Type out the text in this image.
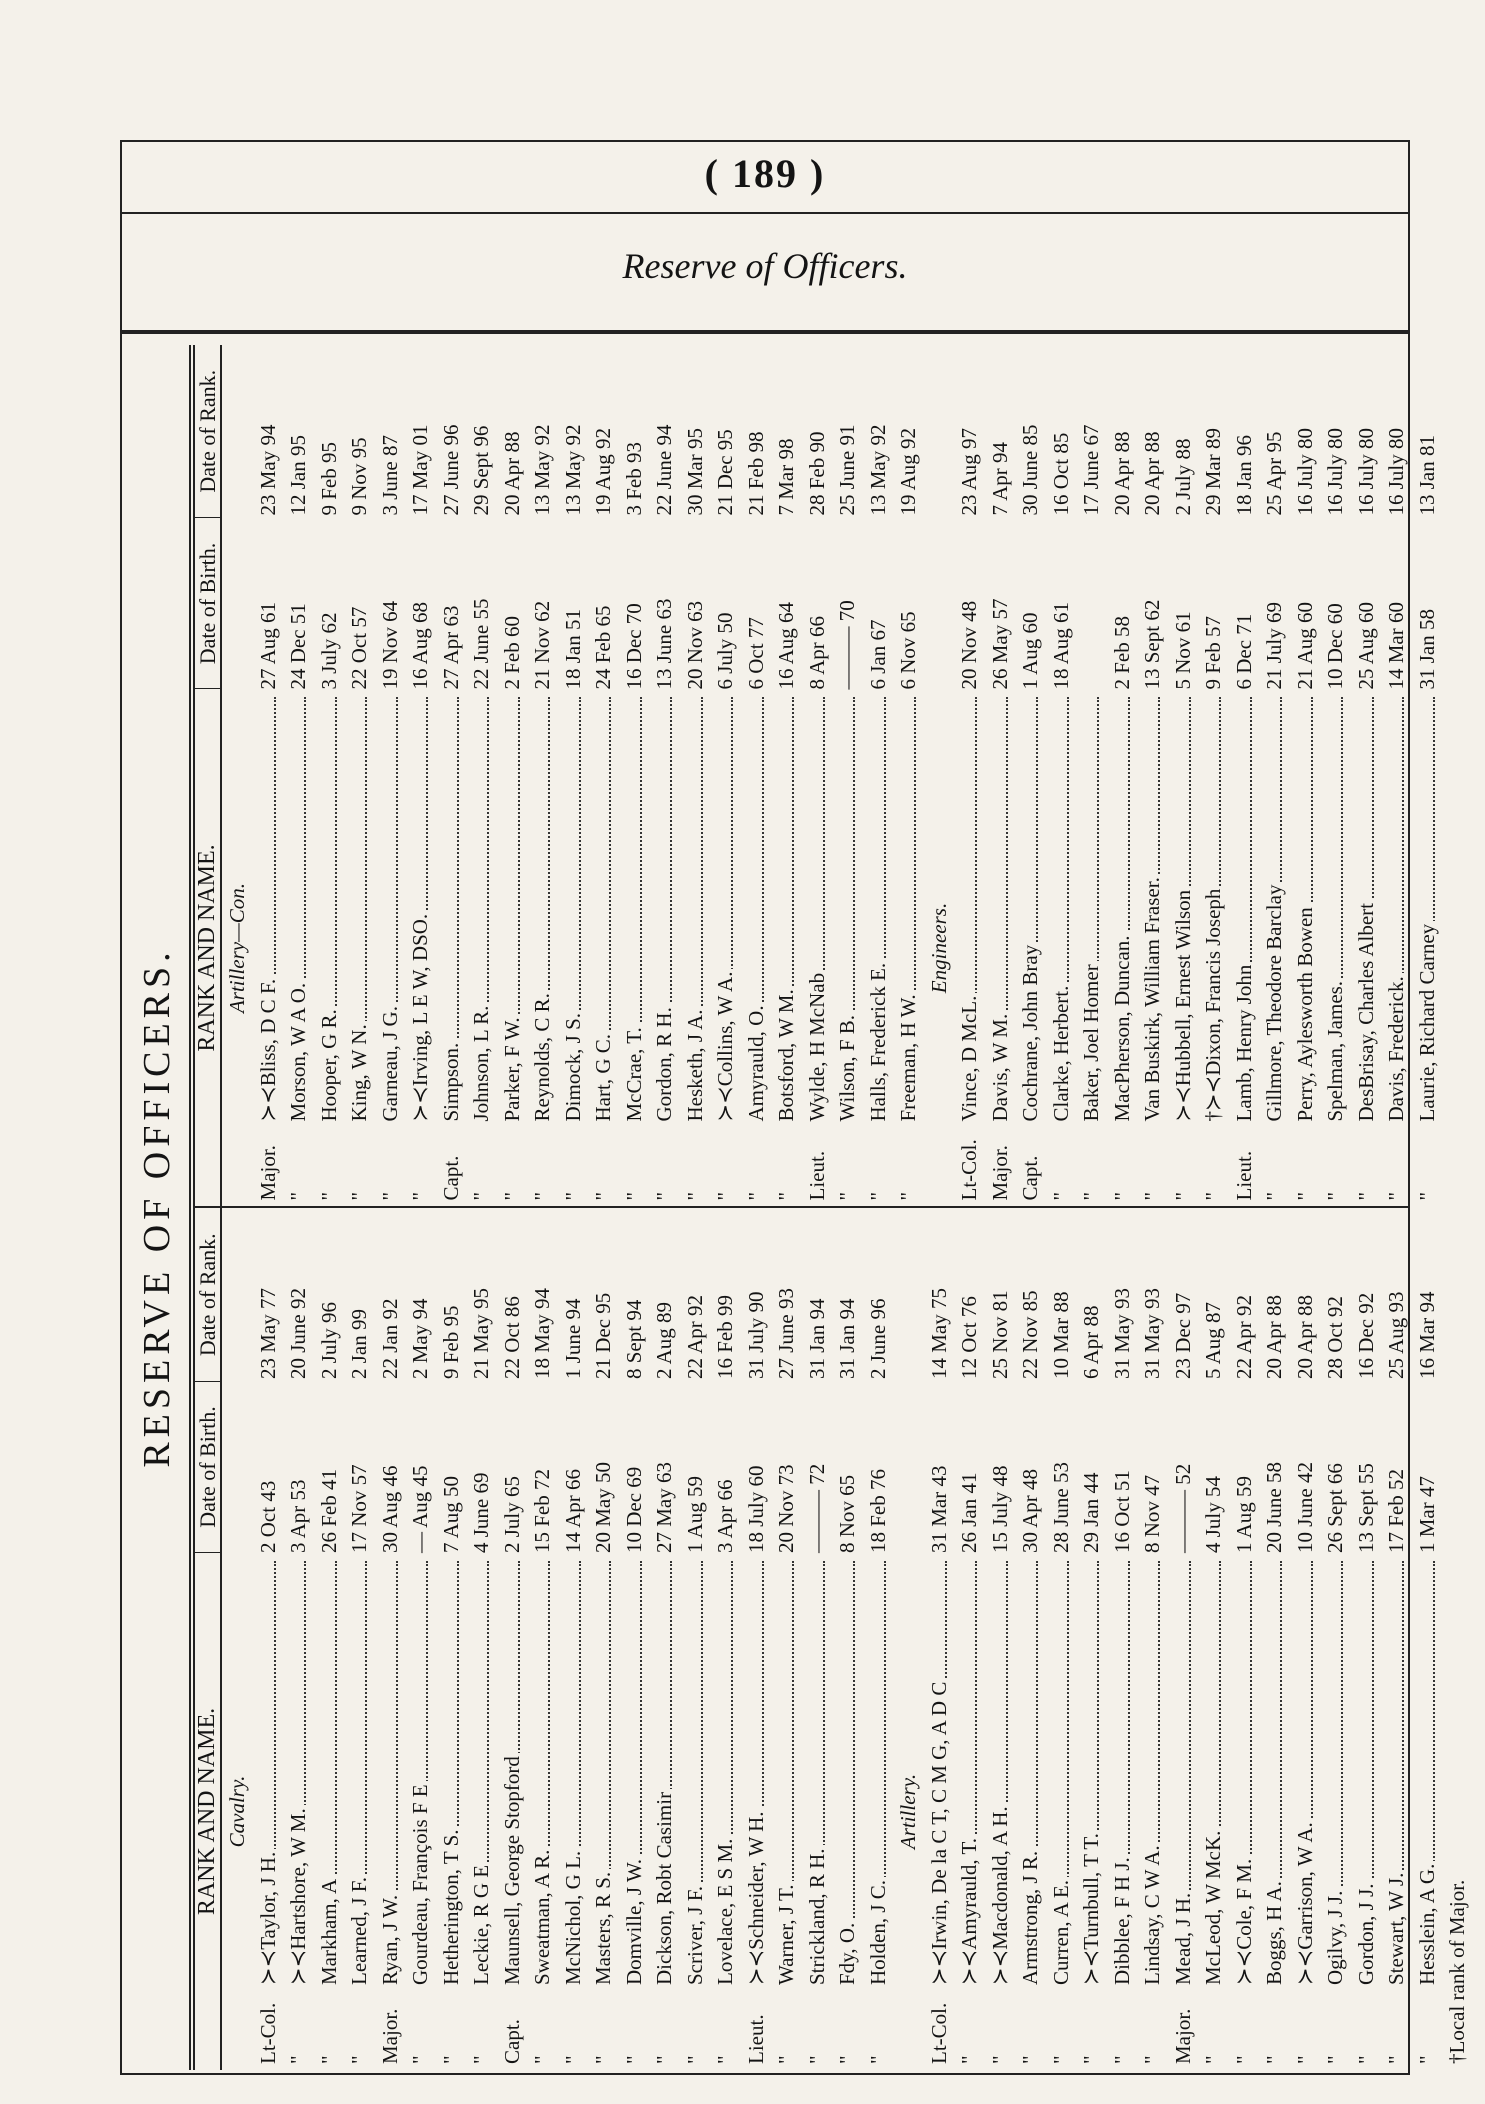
( 189 )
Reserve of Officers.
RESERVE OF OFFICERS.
RANK AND NAME.
Date of Birth.
Date of Rank.
Cavalry.
Lt-Col.
≻≺Taylor, J H.
2 Oct 43
23 May 77
"
≻≺Hartshore, W M.
3 Apr 53
20 June 92
"
Markham, A
26 Feb 41
2 July 96
"
Learned, J F.
17 Nov 57
2 Jan 99
Major.
Ryan, J W.
30 Aug 46
22 Jan 92
"
Gourdeau, François F E
— Aug 45
2 May 94
"
Hetherington, T S.
7 Aug 50
9 Feb 95
"
Leckie, R G E
4 June 69
21 May 95
Capt.
Maunsell, George Stopford
2 July 65
22 Oct 86
"
Sweatman, A R.
15 Feb 72
18 May 94
"
McNichol, G L.
14 Apr 66
1 June 94
"
Masters, R S.
20 May 50
21 Dec 95
"
Domville, J W.
10 Dec 69
8 Sept 94
"
Dickson, Robt Casimir
27 May 63
2 Aug 89
"
Scriver, J F.
1 Aug 59
22 Apr 92
"
Lovelace, E S M.
3 Apr 66
16 Feb 99
Lieut.
≻≺Schneider, W H.
18 July 60
31 July 90
"
Warner, J T.
20 Nov 73
27 June 93
"
Strickland, R H.
——— 72
31 Jan 94
"
Fdy, O.
8 Nov 65
31 Jan 94
"
Holden, J C.
18 Feb 76
2 June 96
Artillery.
Lt-Col.
≻≺Irwin, De la C T, C M G, A D C
31 Mar 43
14 May 75
"
≻≺Amyrauld, T.
26 Jan 41
12 Oct 76
"
≻≺Macdonald, A H.
15 July 48
25 Nov 81
"
Armstrong, J R.
30 Apr 48
22 Nov 85
"
Curren, A E.
28 June 53
10 Mar 88
"
≻≺Turnbull, T T.
29 Jan 44
6 Apr 88
"
Dibblee, F H J.
16 Oct 51
31 May 93
"
Lindsay, C W A.
8 Nov 47
31 May 93
Major.
Mead, J H.
——— 52
23 Dec 97
"
McLeod, W McK.
4 July 54
5 Aug 87
"
≻≺Cole, F M.
1 Aug 59
22 Apr 92
"
Boggs, H A.
20 June 58
20 Apr 88
"
≻≺Garrison, W A.
10 June 42
20 Apr 88
"
Ogilvy, J J.
26 Sept 66
28 Oct 92
"
Gordon, J J.
13 Sept 55
16 Dec 92
"
Stewart, W J.
17 Feb 52
25 Aug 93
"
Hesslein, A G.
1 Mar 47
16 Mar 94
†Local rank of Major.
RANK AND NAME.
Date of Birth.
Date of Rank.
Artillery—Con.
Major.
≻≺Bliss, D C F.
27 Aug 61
23 May 94
"
Morson, W A O.
24 Dec 51
12 Jan 95
"
Hooper, G R.
3 July 62
9 Feb 95
"
King, W N.
22 Oct 57
9 Nov 95
"
Garneau, J G.
19 Nov 64
3 June 87
"
≻≺Irving, L E W, DSO.
16 Aug 68
17 May 01
Capt.
Simpson.
27 Apr 63
27 June 96
"
Johnson, L R.
22 June 55
29 Sept 96
"
Parker, F W.
2 Feb 60
20 Apr 88
"
Reynolds, C R.
21 Nov 62
13 May 92
"
Dimock, J S.
18 Jan 51
13 May 92
"
Hart, G C.
24 Feb 65
19 Aug 92
"
McCrae, T.
16 Dec 70
3 Feb 93
"
Gordon, R H.
13 June 63
22 June 94
"
Hesketh, J A.
20 Nov 63
30 Mar 95
"
≻≺Collins, W A.
6 July 50
21 Dec 95
"
Amyrauld, O.
6 Oct 77
21 Feb 98
"
Botsford, W M.
16 Aug 64
7 Mar 98
Lieut.
Wylde, H McNab
8 Apr 66
28 Feb 90
"
Wilson, F B.
——— 70
25 June 91
"
Halls, Frederick E.
6 Jan 67
13 May 92
"
Freeman, H W.
6 Nov 65
19 Aug 92
Engineers.
Lt-Col.
Vince, D McL.
20 Nov 48
23 Aug 97
Major.
Davis, W M.
26 May 57
7 Apr 94
Capt.
Cochrane, John Bray
1 Aug 60
30 June 85
"
Clarke, Herbert.
18 Aug 61
16 Oct 85
"
Baker, Joel Homer
17 June 67
"
MacPherson, Duncan.
2 Feb 58
20 Apr 88
"
Van Buskirk, William Fraser.
13 Sept 62
20 Apr 88
"
≻≺Hubbell, Ernest Wilson
5 Nov 61
2 July 88
"
†≻≺Dixon, Francis Joseph
9 Feb 57
29 Mar 89
Lieut.
Lamb, Henry John
6 Dec 71
18 Jan 96
"
Gillmore, Theodore Barclay
21 July 69
25 Apr 95
"
Perry, Aylesworth Bowen
21 Aug 60
16 July 80
"
Spelman, James.
10 Dec 60
16 July 80
"
DesBrisay, Charles Albert
25 Aug 60
16 July 80
"
Davis, Frederick.
14 Mar 60
16 July 80
"
Laurie, Richard Carney
31 Jan 58
13 Jan 81
